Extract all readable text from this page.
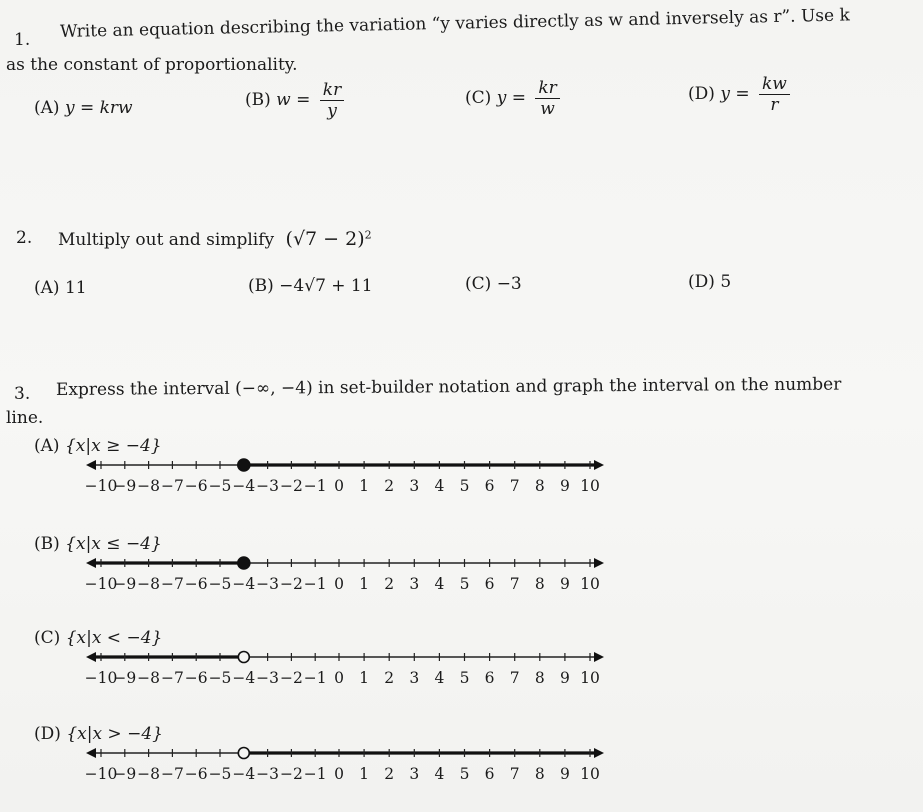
1. Write an equation describing the variation “y varies directly as w and inversely as r”. Use k
as the constant of proportionality.
(A) y = krw	(B) $w = \frac{kr}{y}$	(C) $y = \frac{kr}{w}$	(D) $y = \frac{kw}{r}$
2. Multiply out and simplify $(√7 - 2)^2$
(A) 11	(B) −4√7 + 11	(C) −3	(D) 5
3. Express the interval (−∞, −4) in set-builder notation and graph the interval on the number
line.
(A) {x|x ≥ −4}
−10
−9 −8 −7 −6 −5 −4 −3 −2 −1 0 1 2 3 4 5 6 7 8 9 10
(B) {x|x ≤ −4}
−10
−9 −8 −7 −6 −5 −4 −3 −2 −1 0 1 2 3 4 5 6 7 8 9 10
(C) {x|x < −4}
−10
−9 −8 −7 −6 −5 −4 −3 −2 −1 0 1 2 3 4 5 6 7 8 9 10
(D) {x|x > −4}
−10
−9 −8 −7 −6 −5 −4 −3 −2 −1 0 1 2 3 4 5 6 7 8 9 10
